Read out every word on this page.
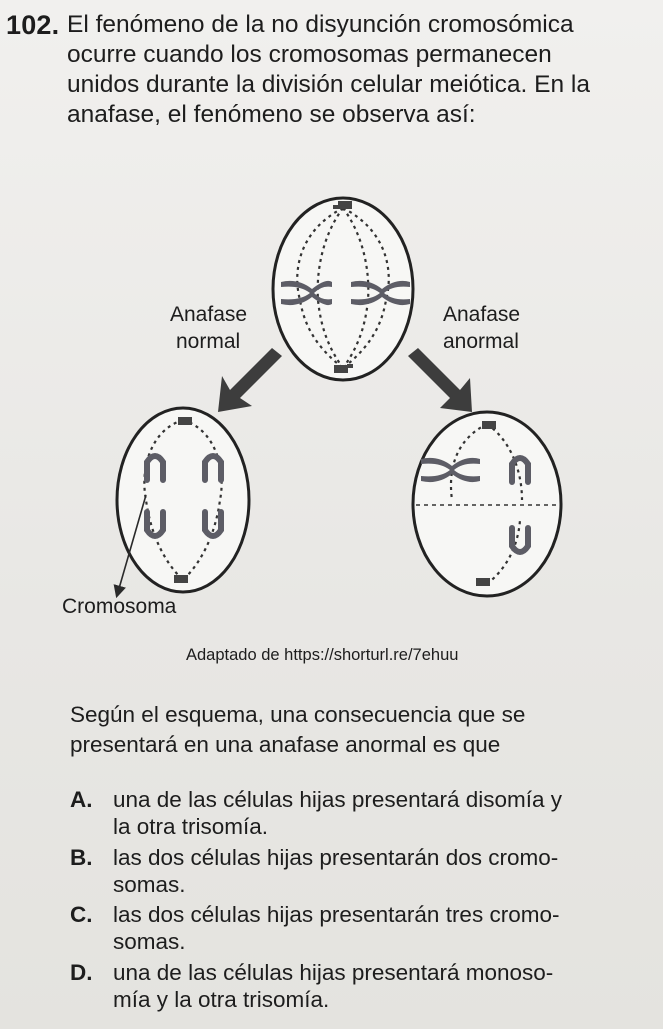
102. El fenómeno de la no disyunción cromosómica
ocurre cuando los cromosomas permanecen
unidos durante la división celular meiótica. En la
anafase, el fenómeno se observa así:
Anafase
normal
Anafase
anormal
Cromosoma
Adaptado de https://shorturl.re/7ehuu
Según el esquema, una consecuencia que se
presentará en una anafase anormal es que
A. una de las células hijas presentará disomía y
la otra trisomía.
B. las dos células hijas presentarán dos cromo-
somas.
C. las dos células hijas presentarán tres cromo-
somas.
D. una de las células hijas presentará monoso-
mía y la otra trisomía.
